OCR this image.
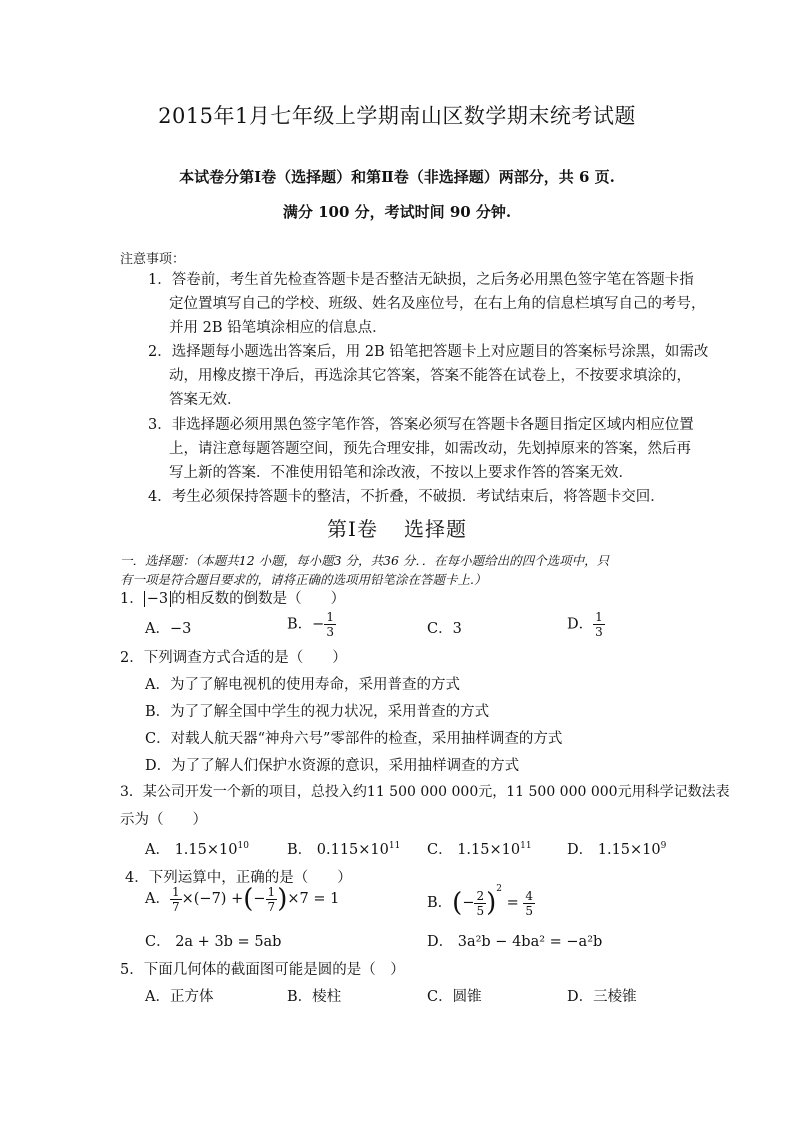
2015年1月七年级上学期南山区数学期末统考试题
本试卷分第Ⅰ卷（选择题）和第Ⅱ卷（非选择题）两部分，共 6 页.
满分 100 分，考试时间 90 分钟.
注意事项：
1．答卷前，考生首先检查答题卡是否整洁无缺损，之后务必用黑色签字笔在答题卡指
定位置填写自己的学校、班级、姓名及座位号，在右上角的信息栏填写自己的考号，
并用 2B 铅笔填涂相应的信息点．
2．选择题每小题选出答案后，用 2B 铅笔把答题卡上对应题目的答案标号涂黑，如需改
动，用橡皮擦干净后，再选涂其它答案，答案不能答在试卷上，不按要求填涂的，
答案无效．
3．非选择题必须用黑色签字笔作答，答案必须写在答题卡各题目指定区域内相应位置
上，请注意每题答题空间，预先合理安排，如需改动，先划掉原来的答案，然后再
写上新的答案．不准使用铅笔和涂改液，不按以上要求作答的答案无效．
4．考生必须保持答题卡的整洁，不折叠，不破损．考试结束后，将答题卡交回．
第Ⅰ卷 选择题
一．选择题：（本题共12 小题，每小题3 分，共36 分．．在每小题给出的四个选项中，只
有一项是符合题目要求的，请将正确的选项用铅笔涂在答题卡上.）
1． −3 的相反数的倒数是（　　）
A．−3	B．− $\frac{1}{3}$	C．3	D． $\frac{1}{3}$
2．下列调查方式合适的是（　　）
A．为了了解电视机的使用寿命，采用普查的方式
B．为了了解全国中学生的视力状况，采用普查的方式
C．对载人航天器“神舟六号”零部件的检查，采用抽样调查的方式
D．为了了解人们保护水资源的意识，采用抽样调查的方式
3．某公司开发一个新的项目，总投入约11 500 000 000元，11 500 000 000元用科学记数法表
示为（　　）
A． $1.15\times 10^{10}$	B． $0.115\times 10^{11}$ C． $1.15\times 10^{11}$ D． $1.15\times 10^9$
4．下列运算中，正确的是（　　）
A． $\frac{1}{7} \times(-7)$ +(− $\frac{1}{7} )\times 7 = 1$	B．(− $\frac{2}{5} )^2 = \frac{4}{5}$
C． 2a + 3b = 5ab	D． 3a²b − 4ba² = −a²b
5．下面几何体的截面图可能是圆的是（　）
A．正方体	B．棱柱	C．圆锥	D．三棱锥
